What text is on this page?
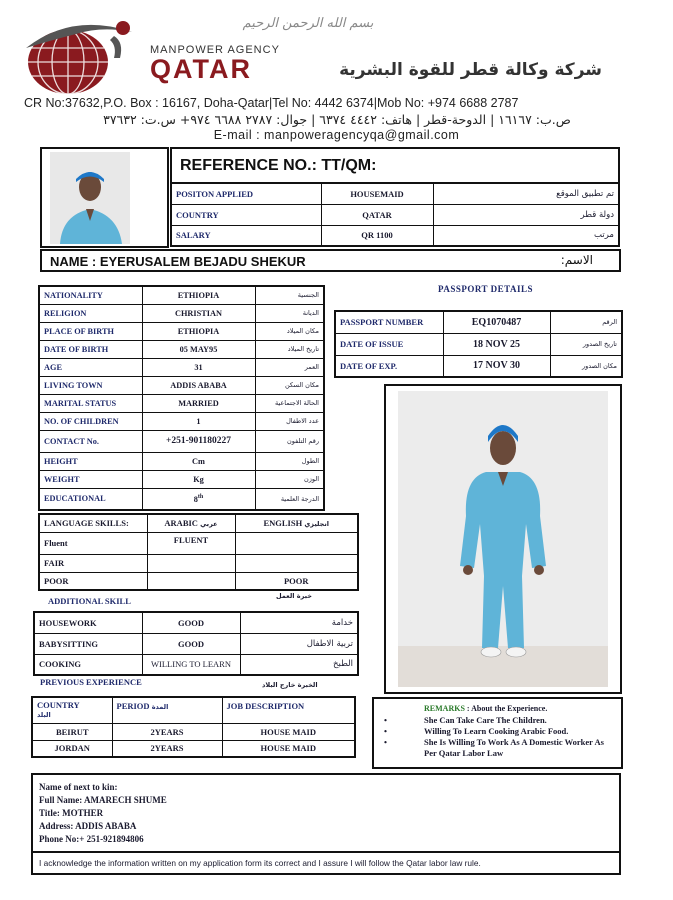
بسم الله الرحمن الرحيم
MANPOWER AGENCY
QATAR	شركة وكالة قطر للقوة البشرية
CR No:37632,P.O. Box : 16167, Doha-Qatar|Tel No: 4442 6374|Mob No: +974 6688 2787
ص.ب: ١٦١٦٧ | الدوحة-قطر | هاتف: ٤٤٤٢ ٦٣٧٤ | جوال: ٢٧٨٧ ٦٦٨٨ ٩٧٤+ س.ت: ٣٧٦٣٢
E-mail : manpoweragencyqa@gmail.com
REFERENCE NO.: TT/QM:
POSITON APPLIED	HOUSEMAID	تم تطبيق الموقع
COUNTRY	QATAR	دولة قطر
SALARY	QR 1100	مرتب
NAME : EYERUSALEM BEJADU SHEKUR	الاسم:
NATIONALITY	ETHIOPIA	الجنسية
RELIGION	CHRISTIAN	الديانة
PLACE OF BIRTH	ETHIOPIA	مكان الميلاد
DATE OF BIRTH	05 MAY95	تاريخ الميلاد
AGE	31	العمر
LIVING TOWN	ADDIS ABABA	مكان السكن
MARITAL STATUS	MARRIED	الحالة الاجتماعية
NO. OF CHILDREN	1	عدد الاطفال
CONTACT No.	+251-901180227	رقم التلفون
HEIGHT	Cm	الطول
WEIGHT	Kg	الوزن
EDUCATIONAL	8th	الدرجة العلمية
PASSPORT DETAILS
PASSPORT NUMBER	EQ1070487	الرقم
DATE OF ISSUE	18 NOV 25	تاريخ الصدور
DATE OF EXP.	17 NOV 30	مكان الصدور
LANGUAGE SKILLS:	ARABIC عربي	ENGLISH انجليزي
Fluent	FLUENT	
FAIR		
POOR		POOR
ADDITIONAL SKILL	خبرة العمل
HOUSEWORK	GOOD	خدامة
BABYSITTING	GOOD	تربية الاطفال
COOKING	WILLING TO LEARN	الطبخ
PREVIOUS EXPERIENCE	الخبرة خارج البلاد
COUNTRY
البلد	PERIOD المدة	JOB DESCRIPTION
BEIRUT	2YEARS	HOUSE MAID
JORDAN	2YEARS	HOUSE MAID
REMARKS : About the Experience.
• She Can Take Care The Children.
• Willing To Learn Cooking Arabic Food.
• She Is Willing To Work As A Domestic Worker As Per Qatar Labor Law
Name of next to kin:
Full Name: AMARECH SHUME
Title: MOTHER
Address: ADDIS ABABA
Phone No:+ 251-921894806
I acknowledge the information written on my application form its correct and I assure I will follow the Qatar labor law rule.
